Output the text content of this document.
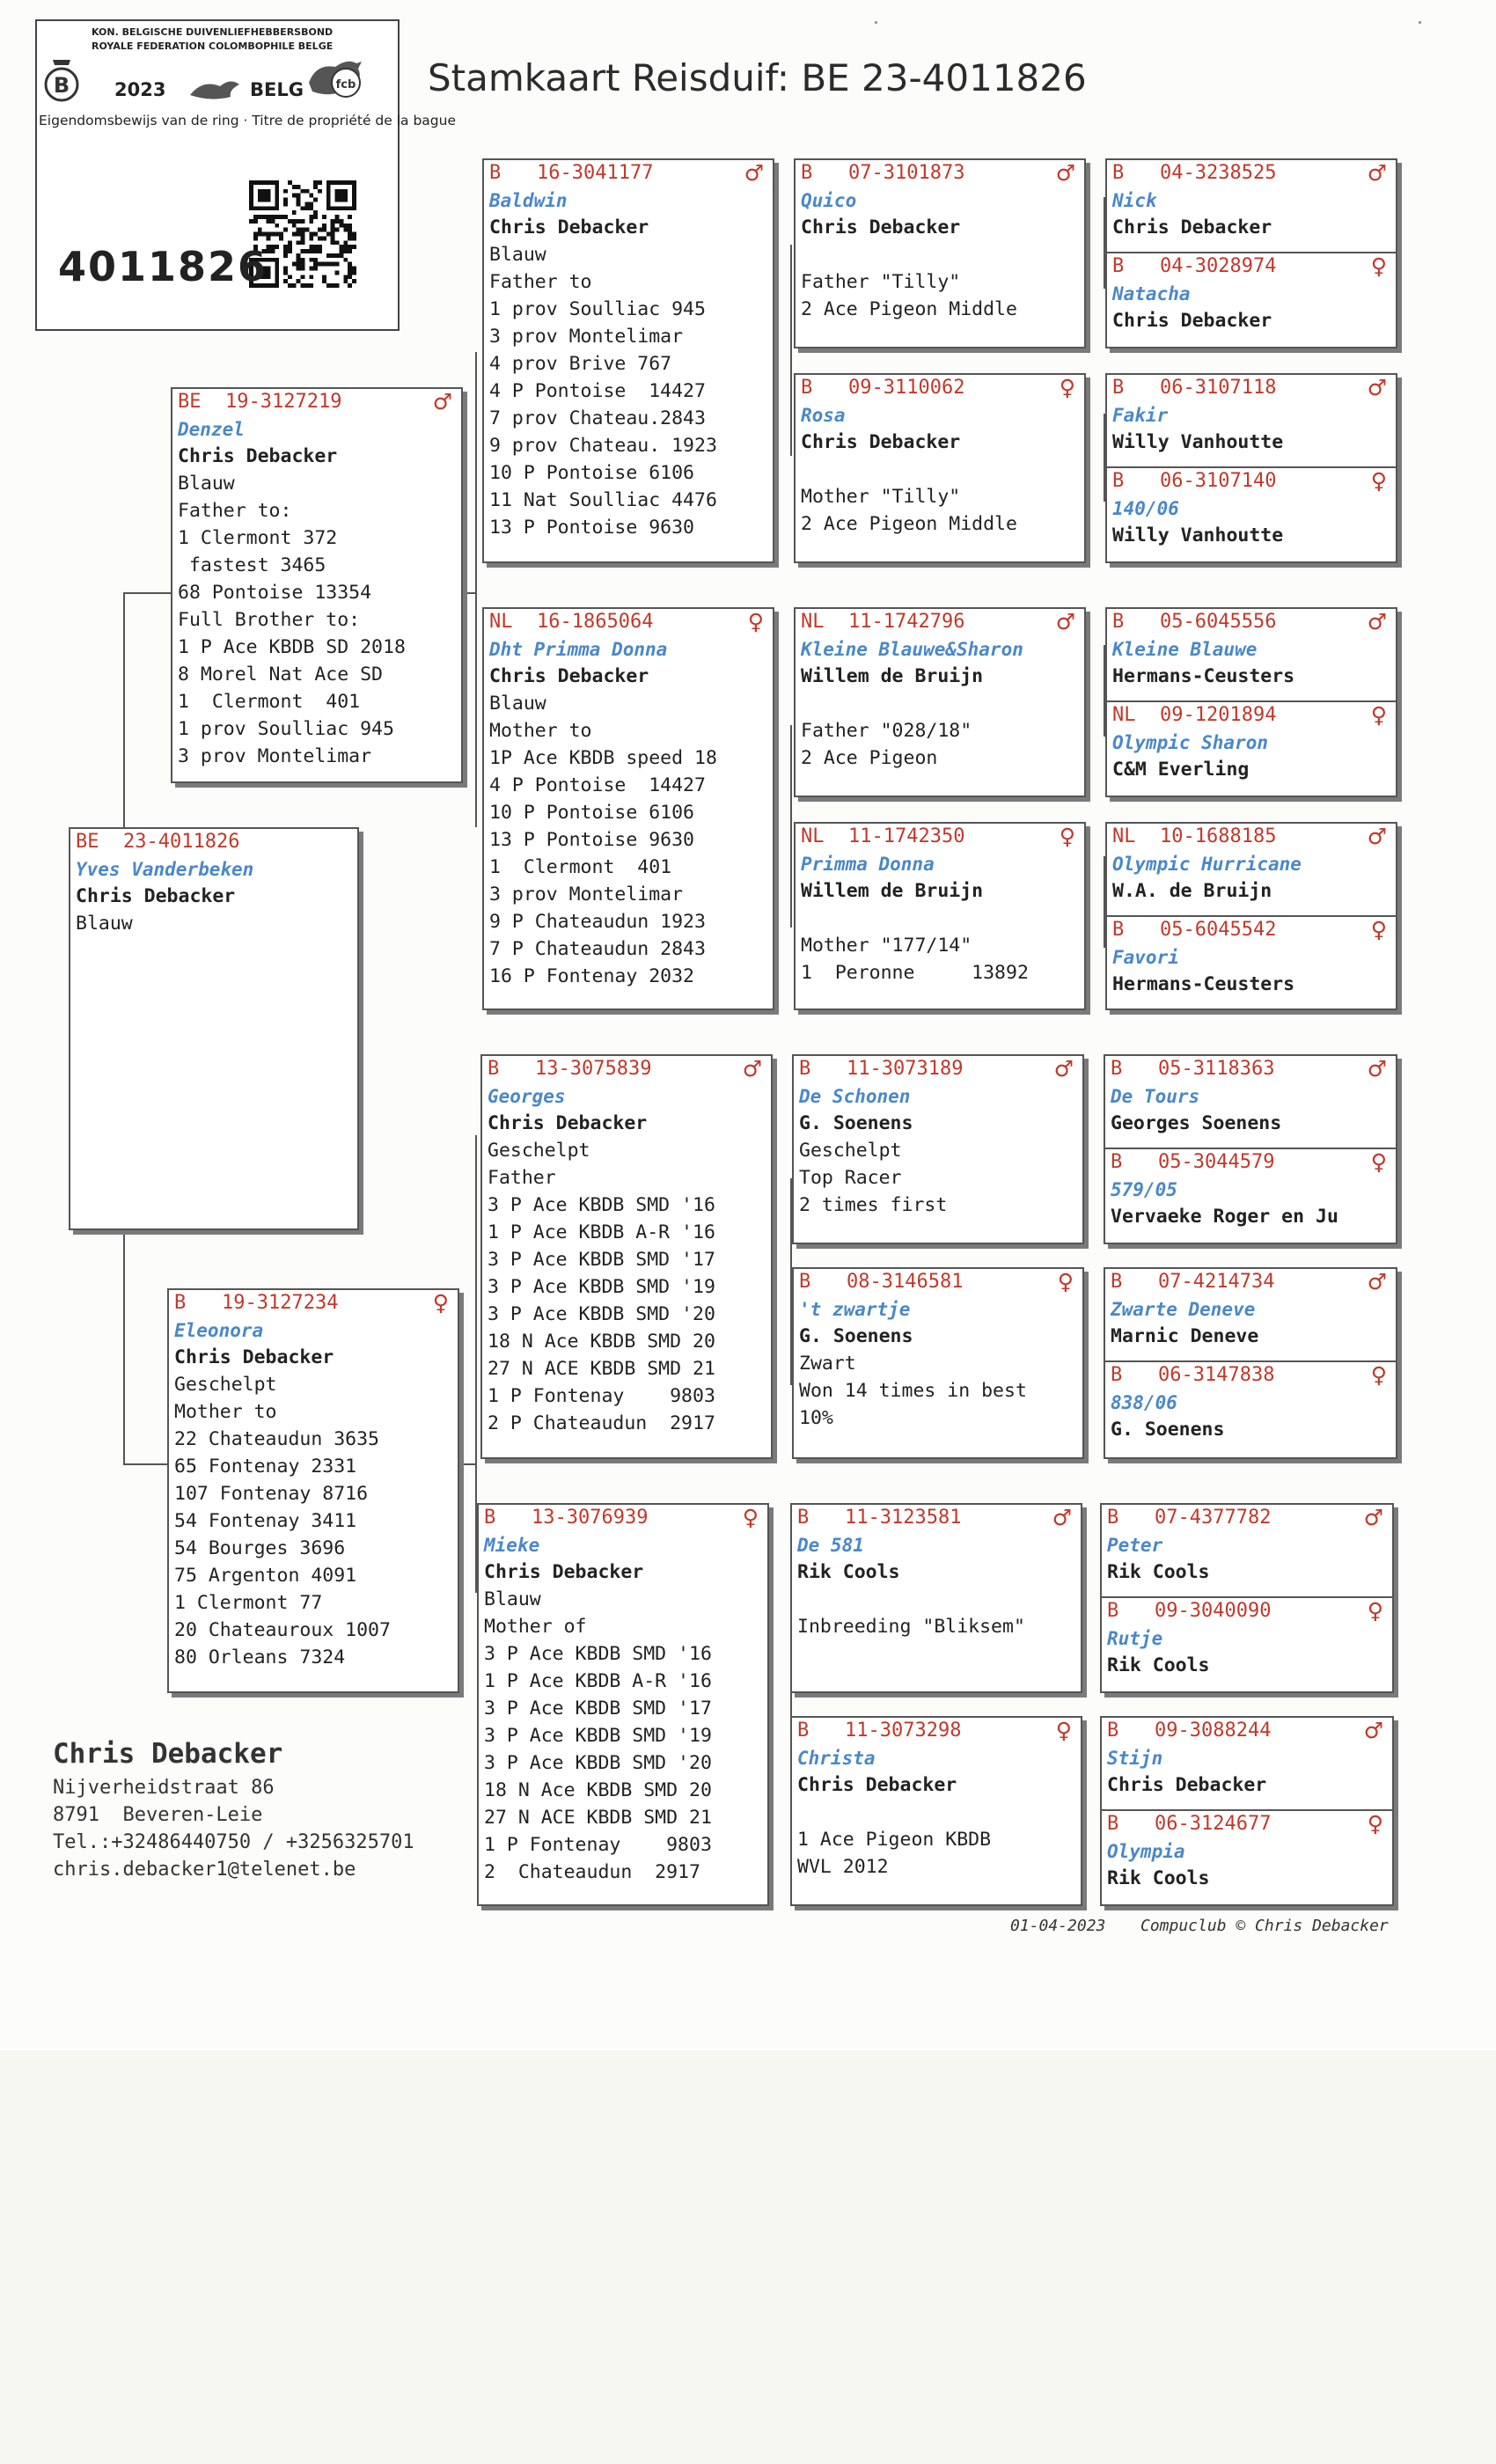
B
KON. BELGISCHE DUIVENLIEFHEBBERSBOND
ROYALE FEDERATION COLOMBOPHILE BELGE
2023	BELG	fcb
Eigendomsbewijs van de ring · Titre de propriété de la bague
4011826
Stamkaart Reisduif: BE 23-4011826
BE 23-4011826
Yves Vanderbeken
Chris Debacker
Blauw
BE 19-3127219	♂
Denzel
Chris Debacker
Blauw
Father to:
1 Clermont 372
fastest 3465
68 Pontoise 13354
Full Brother to:
1 P Ace KBDB SD 2018
8 Morel Nat Ace SD
1  Clermont  401
1 prov Soulliac 945
3 prov Montelimar
B 19-3127234	♀
Eleonora
Chris Debacker
Geschelpt
Mother to
22 Chateaudun 3635
65 Fontenay 2331
107 Fontenay 8716
54 Fontenay 3411
54 Bourges 3696
75 Argenton 4091
1 Clermont 77
20 Chateauroux 1007
80 Orleans 7324
B 16-3041177	♂
Baldwin
Chris Debacker
Blauw
Father to
1 prov Soulliac 945
3 prov Montelimar
4 prov Brive 767
4 P Pontoise  14427
7 prov Chateau.2843
9 prov Chateau. 1923
10 P Pontoise 6106
11 Nat Soulliac 4476
13 P Pontoise 9630
NL 16-1865064	♀
Dht Primma Donna
Chris Debacker
Blauw
Mother to
1P Ace KBDB speed 18
4 P Pontoise  14427
10 P Pontoise 6106
13 P Pontoise 9630
1  Clermont  401
3 prov Montelimar
9 P Chateaudun 1923
7 P Chateaudun 2843
16 P Fontenay 2032
B 13-3075839	♂
Georges
Chris Debacker
Geschelpt
Father
3 P Ace KBDB SMD '16
1 P Ace KBDB A-R '16
3 P Ace KBDB SMD '17
3 P Ace KBDB SMD '19
3 P Ace KBDB SMD '20
18 N Ace KBDB SMD 20
27 N ACE KBDB SMD 21
1 P Fontenay    9803
2 P Chateaudun  2917
B 13-3076939	♀
Mieke
Chris Debacker
Blauw
Mother of
3 P Ace KBDB SMD '16
1 P Ace KBDB A-R '16
3 P Ace KBDB SMD '17
3 P Ace KBDB SMD '19
3 P Ace KBDB SMD '20
18 N Ace KBDB SMD 20
27 N ACE KBDB SMD 21
1 P Fontenay    9803
2  Chateaudun  2917
B 07-3101873	♂
Quico
Chris Debacker
Father "Tilly"
2 Ace Pigeon Middle
B 09-3110062	♀
Rosa
Chris Debacker
Mother "Tilly"
2 Ace Pigeon Middle
NL 11-1742796	♂
Kleine Blauwe&Sharon
Willem de Bruijn
Father "028/18"
2 Ace Pigeon
NL 11-1742350	♀
Primma Donna
Willem de Bruijn
Mother "177/14"
1  Peronne     13892
B 11-3073189	♂
De Schonen
G. Soenens
Geschelpt
Top Racer
2 times first
B 08-3146581	♀
't zwartje
G. Soenens
Zwart
Won 14 times in best
10%
B 11-3123581	♂
De 581
Rik Cools
Inbreeding "Bliksem"
B 11-3073298	♀
Christa
Chris Debacker
1 Ace Pigeon KBDB
WVL 2012
B 04-3238525	♂
Nick
Chris Debacker
B 04-3028974	♀
Natacha
Chris Debacker
B 06-3107118	♂
Fakir
Willy Vanhoutte
B 06-3107140	♀
140/06
Willy Vanhoutte
B 05-6045556	♂
Kleine Blauwe
Hermans-Ceusters
NL 09-1201894	♀
Olympic Sharon
C&M Everling
NL 10-1688185	♂
Olympic Hurricane
W.A. de Bruijn
B 05-6045542	♀
Favori
Hermans-Ceusters
B 05-3118363	♂
De Tours
Georges Soenens
B 05-3044579	♀
579/05
Vervaeke Roger en Ju
B 07-4214734	♂
Zwarte Deneve
Marnic Deneve
B 06-3147838	♀
838/06
G. Soenens
B 07-4377782	♂
Peter
Rik Cools
B 09-3040090	♀
Rutje
Rik Cools
B 09-3088244	♂
Stijn
Chris Debacker
B 06-3124677	♀
Olympia
Rik Cools
Chris Debacker
Nijverheidstraat 86
8791  Beveren-Leie
Tel.:+32486440750 / +3256325701
chris.debacker1@telenet.be
01-04-2023 Compuclub © Chris Debacker
